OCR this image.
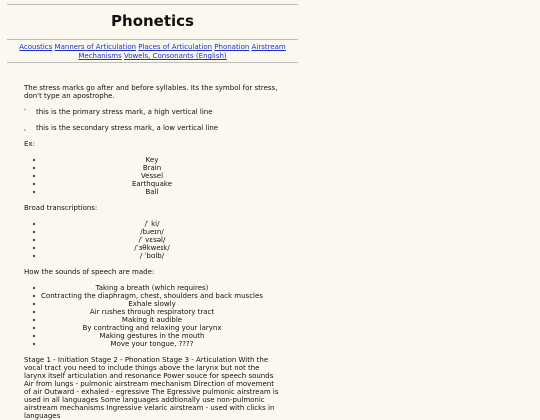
Phonetics
Acoustics Manners of Articulation Places of Articulation Phonation Airstream Mechanisms Vowels, Consonants (English)

The stress marks go after and before syllables. Its the symbol for stress, don't type an apostrophe.

ˈ	this is the primary stress mark, a high vertical line
ˌ	this is the secondary stress mark, a low vertical line
Ex:
Key
Brain
Vessel
Earthquake
Ball
Broad transcriptions:
/ˈ ki/
/bɹeɪn/
/ˈ vɛsəl/
/ˈɜθkweɪk/
/ ˈbɑlb/
How the sounds of speech are made:
Taking a breath (which requires)
Contracting the diaphragm, chest, shoulders and back muscles
Exhale slowly
Air rushes through respiratory tract
Making it audible
By contracting and relaxing your larynx
Making gestures in the mouth
Move your tongue, ????

Stage 1 - Initiation Stage 2 - Phonation Stage 3 - Articulation With the vocal tract you need to include things above the larynx but not the larynx itself articulation and resonance Power souce for speech sounds Air from lungs - pulmonic airstream mechanism Direction of movement of air Outward - exhaled - egressive The Egressive pulmonic airstream is used in all languages Some languages addtionally use non-pulmonic airstream mechanisms Ingressive velaric airstream - used with clicks in languages
